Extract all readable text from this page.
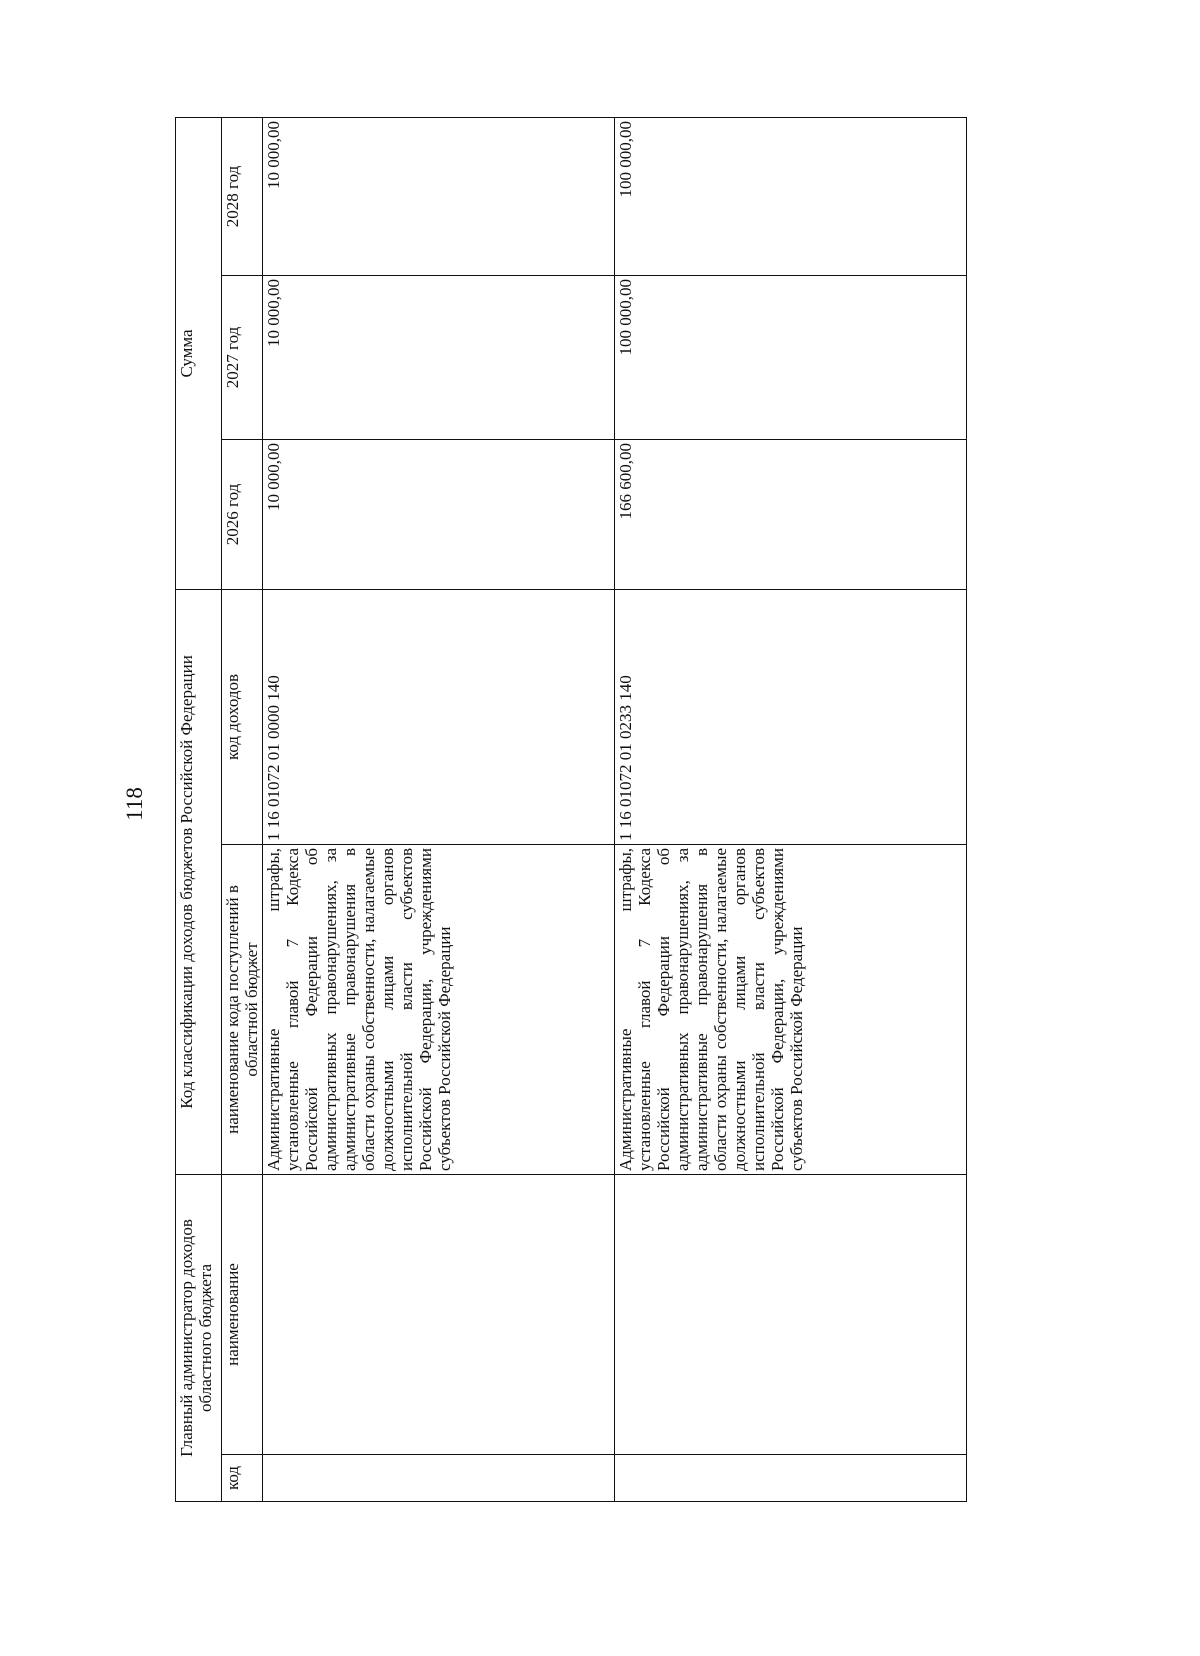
118
Главный администратор доходов областного бюджета		Код классификации доходов бюджетов Российской Федерации		Сумма		
код	наименование	наименование кода поступлений в областной бюджет	код доходов	2026 год	2027 год	2028 год
		Административные штрафы, установленные главой 7 Кодекса Российской Федерации об административных правонарушениях, за административные правонарушения в области охраны собственности, налагаемые должностными лицами органов исполнительной власти субъектов Российской Федерации, учреждениями субъектов Российской Федерации	1 16 01072 01 0000 140	10 000,00	10 000,00	10 000,00
		Административные штрафы, установленные главой 7 Кодекса Российской Федерации об административных правонарушениях, за административные правонарушения в области охраны собственности, налагаемые должностными лицами органов исполнительной власти субъектов Российской Федерации, учреждениями субъектов Российской Федерации	1 16 01072 01 0233 140	166 600,00	100 000,00	100 000,00
